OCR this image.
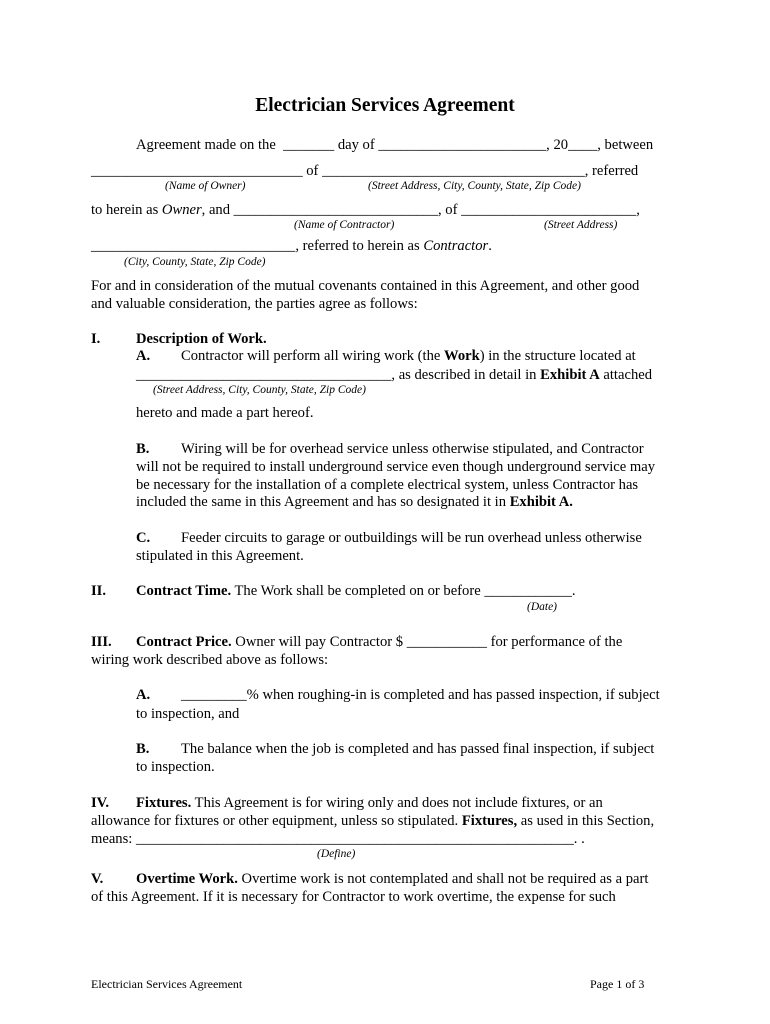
Electrician Services Agreement
Agreement made on the  _______ day of _______________________, 20____, between
_____________________________ of ____________________________________, referred
(Name of Owner)	(Street Address, City, County, State, Zip Code)
to herein as Owner, and ____________________________, of ________________________,
(Name of Contractor)	(Street Address)
____________________________, referred to herein as Contractor.
(City, County, State, Zip Code)
For and in consideration of the mutual covenants contained in this Agreement, and other good
and valuable consideration, the parties agree as follows:
I. Description of Work.
A. Contractor will perform all wiring work (the Work) in the structure located at
___________________________________, as described in detail in Exhibit A attached
(Street Address, City, County, State, Zip Code)
hereto and made a part hereof.
B. Wiring will be for overhead service unless otherwise stipulated, and Contractor
will not be required to install underground service even though underground service may
be necessary for the installation of a complete electrical system, unless Contractor has
included the same in this Agreement and has so designated it in Exhibit A.
C. Feeder circuits to garage or outbuildings will be run overhead unless otherwise
stipulated in this Agreement.
II. Contract Time. The Work shall be completed on or before ____________.
(Date)
III. Contract Price. Owner will pay Contractor $ ___________ for performance of the
wiring work described above as follows:
A. _________% when roughing-in is completed and has passed inspection, if subject
to inspection, and
B. The balance when the job is completed and has passed final inspection, if subject
to inspection.
IV. Fixtures. This Agreement is for wiring only and does not include fixtures, or an
allowance for fixtures or other equipment, unless so stipulated. Fixtures, as used in this Section,
means: ____________________________________________________________. .
(Define)
V. Overtime Work. Overtime work is not contemplated and shall not be required as a part
of this Agreement. If it is necessary for Contractor to work overtime, the expense for such
Electrician Services Agreement	Page 1 of 3
